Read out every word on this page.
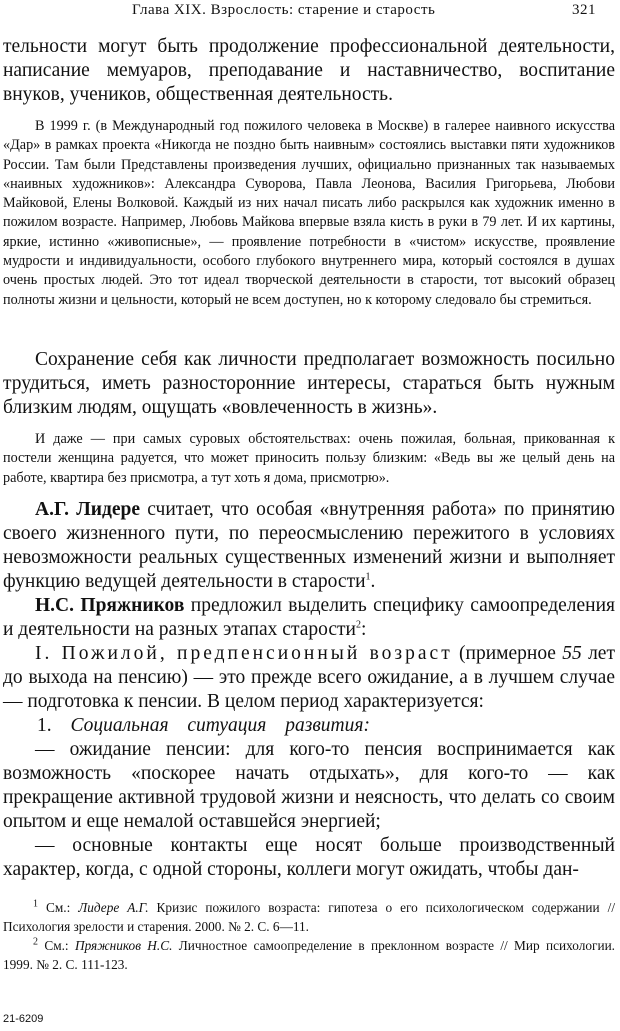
Глава XIX. Взрослость: старение и старость	321

тельности могут быть продолжение профессиональной деятельности, написание мемуаров, преподавание и наставничество, воспитание внуков, учеников, общественная деятельность.

В 1999 г. (в Международный год пожилого человека в Москве) в галерее наивного искусства «Дар» в рамках проекта «Никогда не поздно быть наивным» состоялись выставки пяти художников России. Там были Представлены произведения лучших, официально признанных так называемых «наивных художников»: Александра Суворова, Павла Леонова, Василия Григорьева, Любови Майковой, Елены Волковой. Каждый из них начал писать либо раскрылся как художник именно в пожилом возрасте. Например, Любовь Майкова впервые взяла кисть в руки в 79 лет. И их картины, яркие, истинно «живописные», — проявление потребности в «чистом» искусстве, проявление мудрости и индивидуальности, особого глубокого внутреннего мира, который состоялся в душах очень простых людей. Это тот идеал творческой деятельности в старости, тот высокий образец полноты жизни и цельности, который не всем доступен, но к которому следовало бы стремиться.

Сохранение себя как личности предполагает возможность посильно трудиться, иметь разносторонние интересы, стараться быть нужным близким людям, ощущать «вовлеченность в жизнь».

И даже — при самых суровых обстоятельствах: очень пожилая, больная, прикованная к постели женщина радуется, что может приносить пользу близким: «Ведь вы же целый день на работе, квартира без присмотра, а тут хоть я дома, присмотрю».

А.Г. Лидере считает, что особая «внутренняя работа» по принятию своего жизненного пути, по переосмыслению пережитого в условиях невозможности реальных существенных изменений жизни и выполняет функцию ведущей деятельности в старости$^1$.

Н.С. Пряжников предложил выделить специфику самоопределения и деятельности на разных этапах старости$^2$:

I. Пожилой, предпенсионный возраст (примерное 55 лет до выхода на пенсию) — это прежде всего ожидание, а в лучшем случае — подготовка к пенсии. В целом период характеризуется:

1. Социальная ситуация развития:

— ожидание пенсии: для кого-то пенсия воспринимается как возможность «поскорее начать отдыхать», для кого-то — как прекращение активной трудовой жизни и неясность, что делать со своим опытом и еще немалой оставшейся энергией;

— основные контакты еще носят больше производственный характер, когда, с одной стороны, коллеги могут ожидать, чтобы дан-

$^1$ См.: Лидере А.Г. Кризис пожилого возраста: гипотеза о его психологическом содержании // Психология зрелости и старения. 2000. № 2. С. 6—11.
$^2$ См.: Пряжников Н.С. Личностное самоопределение в преклонном возрасте // Мир психологии. 1999. № 2. С. 111-123.
21-6209
